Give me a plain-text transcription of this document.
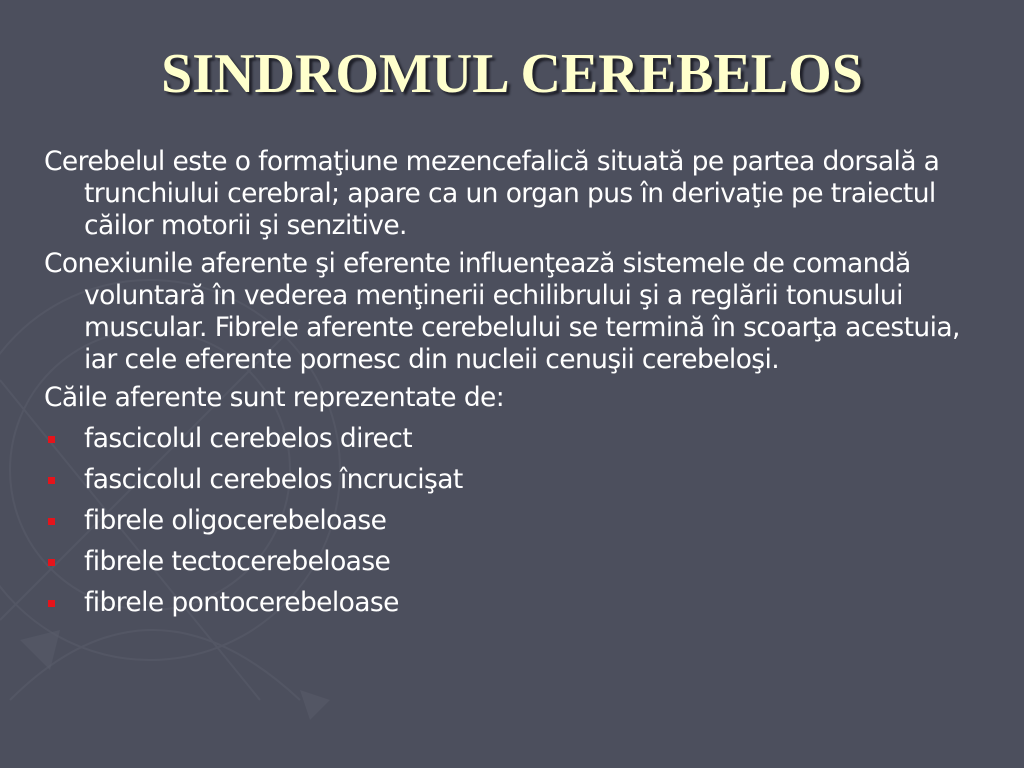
SINDROMUL CEREBELOS

Cerebelul este o formaţiune mezencefalică situată pe partea dorsală a trunchiului cerebral; apare ca un organ pus în derivaţie pe traiectul căilor motorii şi senzitive.

Conexiunile aferente şi eferente influenţează sistemele de comandă voluntară în vederea menţinerii echilibrului şi a reglării tonusului muscular. Fibrele aferente cerebelului se termină în scoarţa acestuia, iar cele eferente pornesc din nucleii cenuşii cerebeloşi.

Căile aferente sunt reprezentate de:

fascicolul cerebelos direct
fascicolul cerebelos încrucişat
fibrele oligocerebeloase
fibrele tectocerebeloase
fibrele pontocerebeloase
